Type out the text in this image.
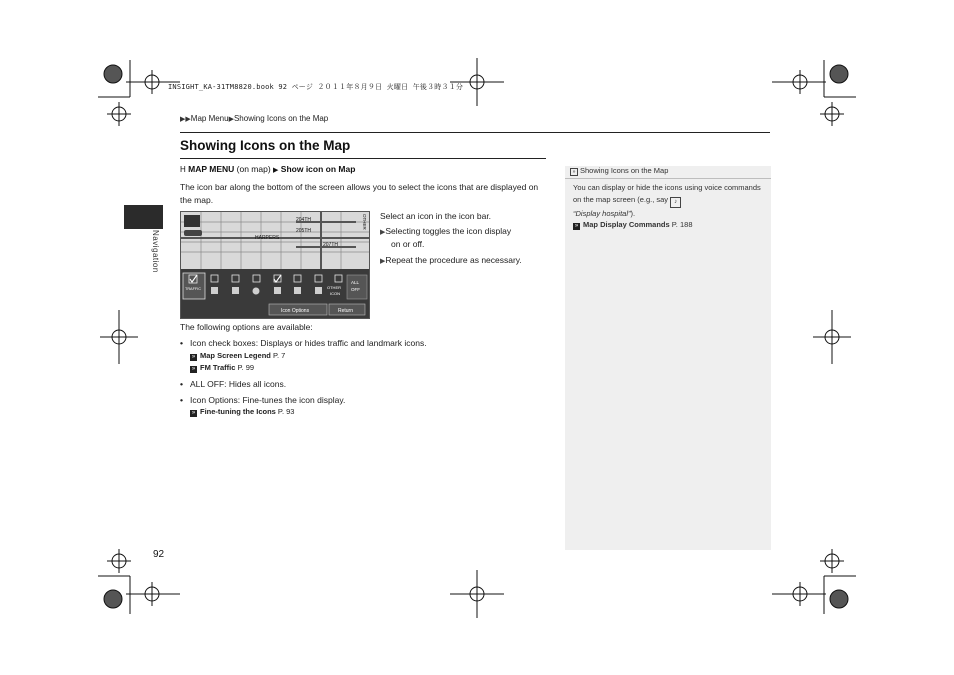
INSIGHT_KA-31TM8820.book 92 ページ ２０１１年８月９日 火曜日 午後３時３１分
▶▶Map Menu▶Showing Icons on the Map
Showing Icons on the Map
Navigation
H MAP MENU (on map) ▶ Show icon on Map

The icon bar along the bottom of the screen allows you to select the icons that are displayed on the map.

204TH
205TH
207TH
HARPERS
OTHER
TRAFFIC	OTHER
ICON
ALL
OFF
Icon Options	Return
Select an icon in the icon bar.
▶Selecting toggles the icon display
on or off.
▶Repeat the procedure as necessary.
The following options are available:
• Icon check boxes: Displays or hides traffic and landmark icons.
» Map Screen Legend P. 7
» FM Traffic P. 99
• ALL OFF: Hides all icons.
• Icon Options: Fine-tunes the icon display.
» Fine-tuning the Icons P. 93
» Showing Icons on the Map

You can display or hide the icons using voice commands on the map screen (e.g., say ♪
“Display hospital”).
» Map Display Commands P. 188

92
